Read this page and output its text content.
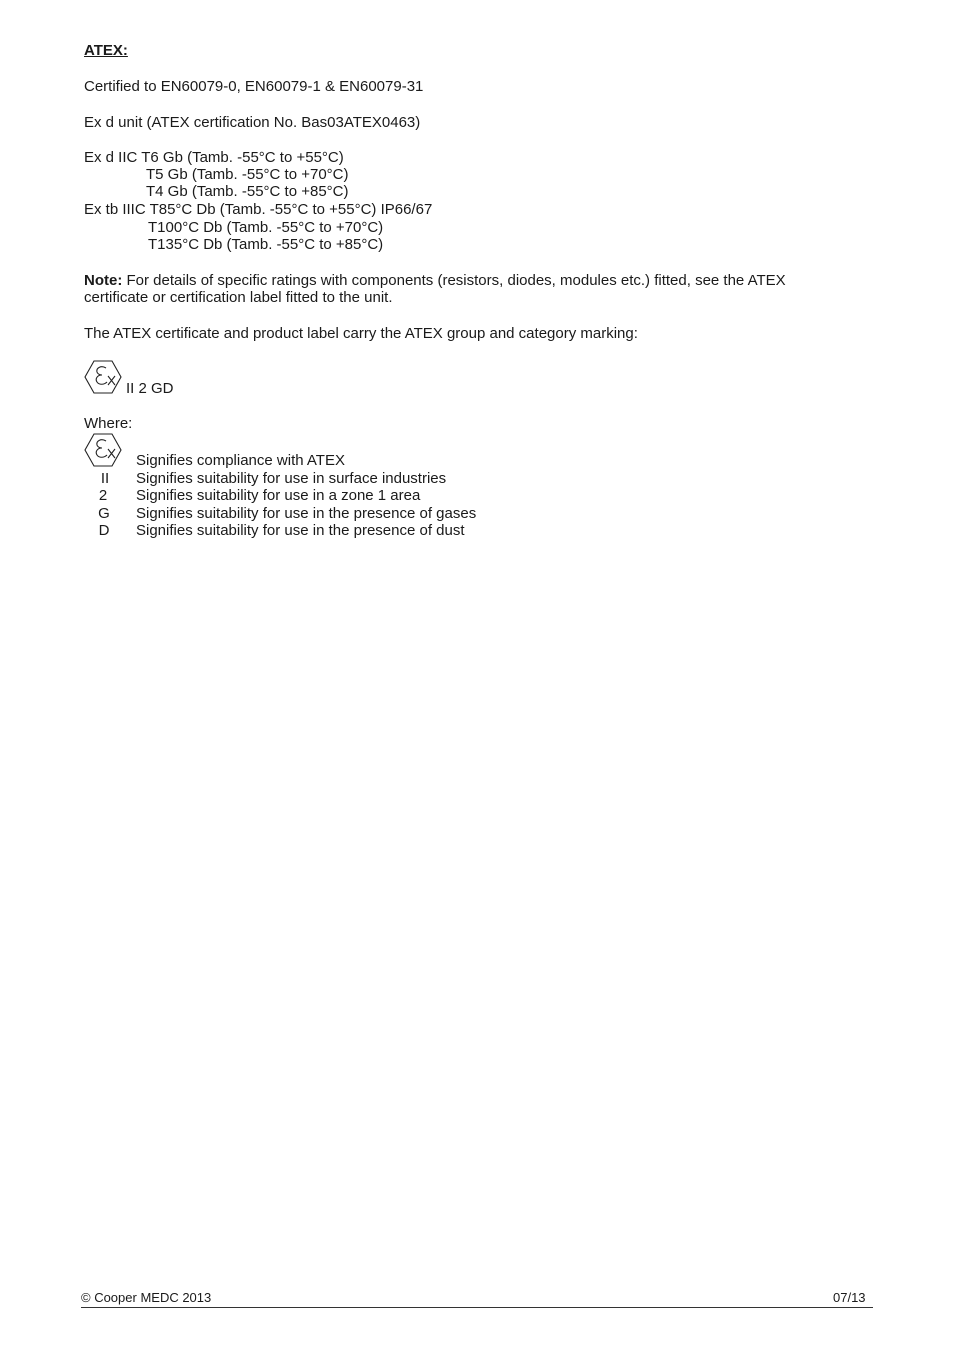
ATEX:
Certified to EN60079-0, EN60079-1 & EN60079-31
Ex d unit (ATEX certification No. Bas03ATEX0463)
Ex d IIC T6 Gb (Tamb. -55°C to +55°C)
T5 Gb (Tamb. -55°C to +70°C)
T4 Gb (Tamb. -55°C to +85°C)
Ex tb IIIC T85°C Db (Tamb. -55°C to +55°C) IP66/67
T100°C Db (Tamb. -55°C to +70°C)
T135°C Db (Tamb. -55°C to +85°C)
Note: For details of specific ratings with components (resistors, diodes, modules etc.) fitted, see the ATEX certificate or certification label fitted to the unit.
The ATEX certificate and product label carry the ATEX group and category marking:
II 2 GD
Where:
Signifies compliance with ATEX
II	Signifies suitability for use in surface industries
2	Signifies suitability for use in a zone 1 area
G	Signifies suitability for use in the presence of gases
D	Signifies suitability for use in the presence of dust
© Cooper MEDC 2013	07/13
